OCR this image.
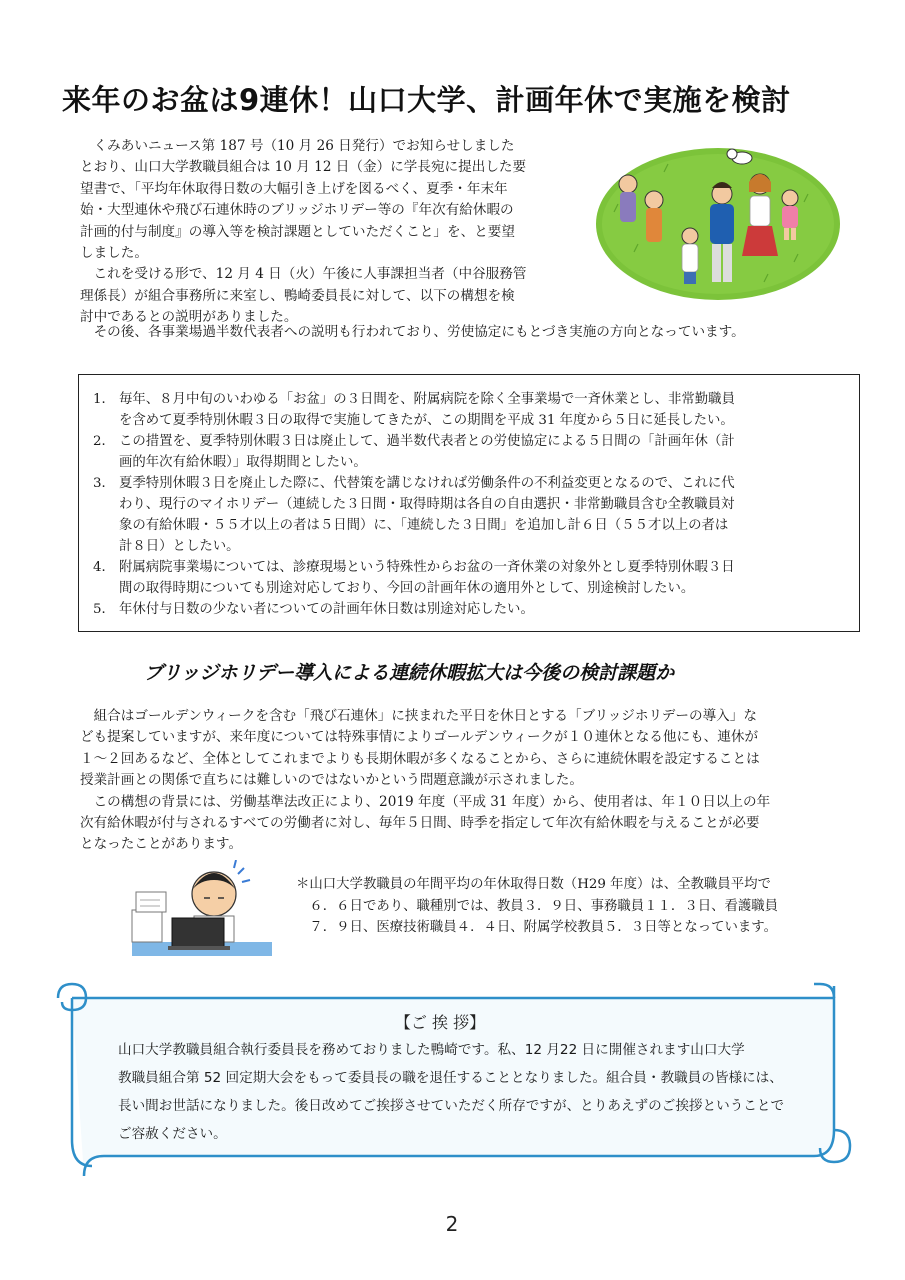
来年のお盆は9連休！山口大学、計画年休で実施を検討

　くみあいニュース第 187 号（10 月 26 日発行）でお知らせしました

とおり、山口大学教職員組合は 10 月 12 日（金）に学長宛に提出した要

望書で、「平均年休取得日数の大幅引き上げを図るべく、夏季・年末年

始・大型連休や飛び石連休時のブリッジホリデー等の『年次有給休暇の

計画的付与制度』の導入等を検討課題としていただくこと」を、と要望

しました。

　これを受ける形で、12 月 4 日（火）午後に人事課担当者（中谷服務管

理係長）が組合事務所に来室し、鴨崎委員長に対して、以下の構想を検

討中であるとの説明がありました。

　その後、各事業場過半数代表者への説明も行われており、労使協定にもとづき実施の方向となっています。

1． 毎年、８月中旬のいわゆる「お盆」の３日間を、附属病院を除く全事業場で一斉休業とし、非常勤職員

を含めて夏季特別休暇３日の取得で実施してきたが、この期間を平成 31 年度から５日に延長したい。

2． この措置を、夏季特別休暇３日は廃止して、過半数代表者との労使協定による５日間の「計画年休（計

画的年次有給休暇）」取得期間としたい。

3． 夏季特別休暇３日を廃止した際に、代替策を講じなければ労働条件の不利益変更となるので、これに代

わり、現行のマイホリデー（連続した３日間・取得時期は各自の自由選択・非常勤職員含む全教職員対

象の有給休暇・５５才以上の者は５日間）に、「連続した３日間」を追加し計６日（５５才以上の者は

計８日）としたい。

4． 附属病院事業場については、診療現場という特殊性からお盆の一斉休業の対象外とし夏季特別休暇３日

間の取得時期についても別途対応しており、今回の計画年休の適用外として、別途検討したい。

5． 年休付与日数の少ない者についての計画年休日数は別途対応したい。

ブリッジホリデー導入による連続休暇拡大は今後の検討課題か

　組合はゴールデンウィークを含む「飛び石連休」に挟まれた平日を休日とする「ブリッジホリデーの導入」な

ども提案していますが、来年度については特殊事情によりゴールデンウィークが１０連休となる他にも、連休が

１～２回あるなど、全体としてこれまでよりも長期休暇が多くなることから、さらに連続休暇を設定することは

授業計画との関係で直ちには難しいのではないかという問題意識が示されました。

　この構想の背景には、労働基準法改正により、2019 年度（平成 31 年度）から、使用者は、年１０日以上の年

次有給休暇が付与されるすべての労働者に対し、毎年５日間、時季を指定して年次有給休暇を与えることが必要

となったことがあります。

＊山口大学教職員の年間平均の年休取得日数（H29 年度）は、全教職員平均で

　６．６日であり、職種別では、教員３．９日、事務職員１１．３日、看護職員

　７．９日、医療技術職員４．４日、附属学校教員５．３日等となっています。

【ご 挨 拶】

山口大学教職員組合執行委員長を務めておりました鴨崎です。私、12 月22 日に開催されます山口大学

教職員組合第 52 回定期大会をもって委員長の職を退任することとなりました。組合員・教職員の皆様には、

長い間お世話になりました。後日改めてご挨拶させていただく所存ですが、とりあえずのご挨拶ということで

ご容赦ください。

2
